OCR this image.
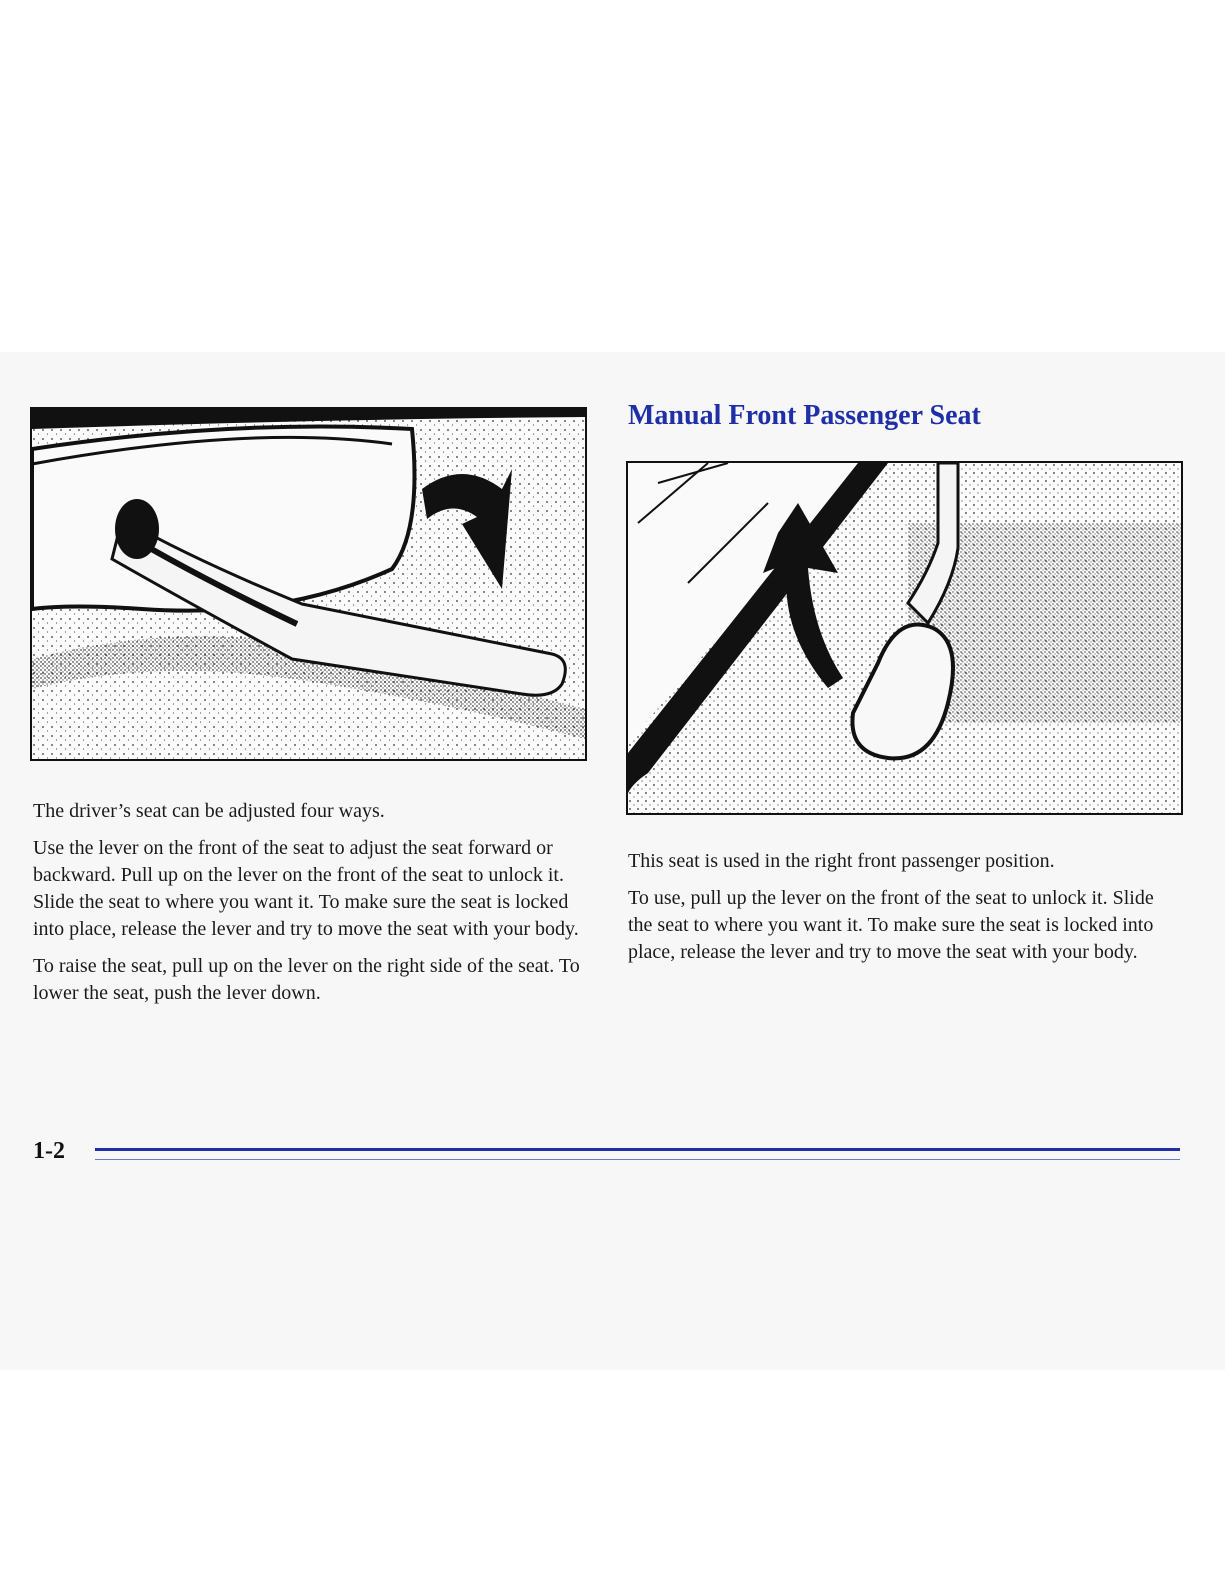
Manual Front Passenger Seat

The driver’s seat can be adjusted four ways.

Use the lever on the front of the seat to adjust the seat forward or backward. Pull up on the lever on the front of the seat to unlock it. Slide the seat to where you want it. To make sure the seat is locked into place, release the lever and try to move the seat with your body.

To raise the seat, pull up on the lever on the right side of the seat. To lower the seat, push the lever down.

This seat is used in the right front passenger position.

To use, pull up the lever on the front of the seat to unlock it. Slide the seat to where you want it. To make sure the seat is locked into place, release the lever and try to move the seat with your body.

1-2
